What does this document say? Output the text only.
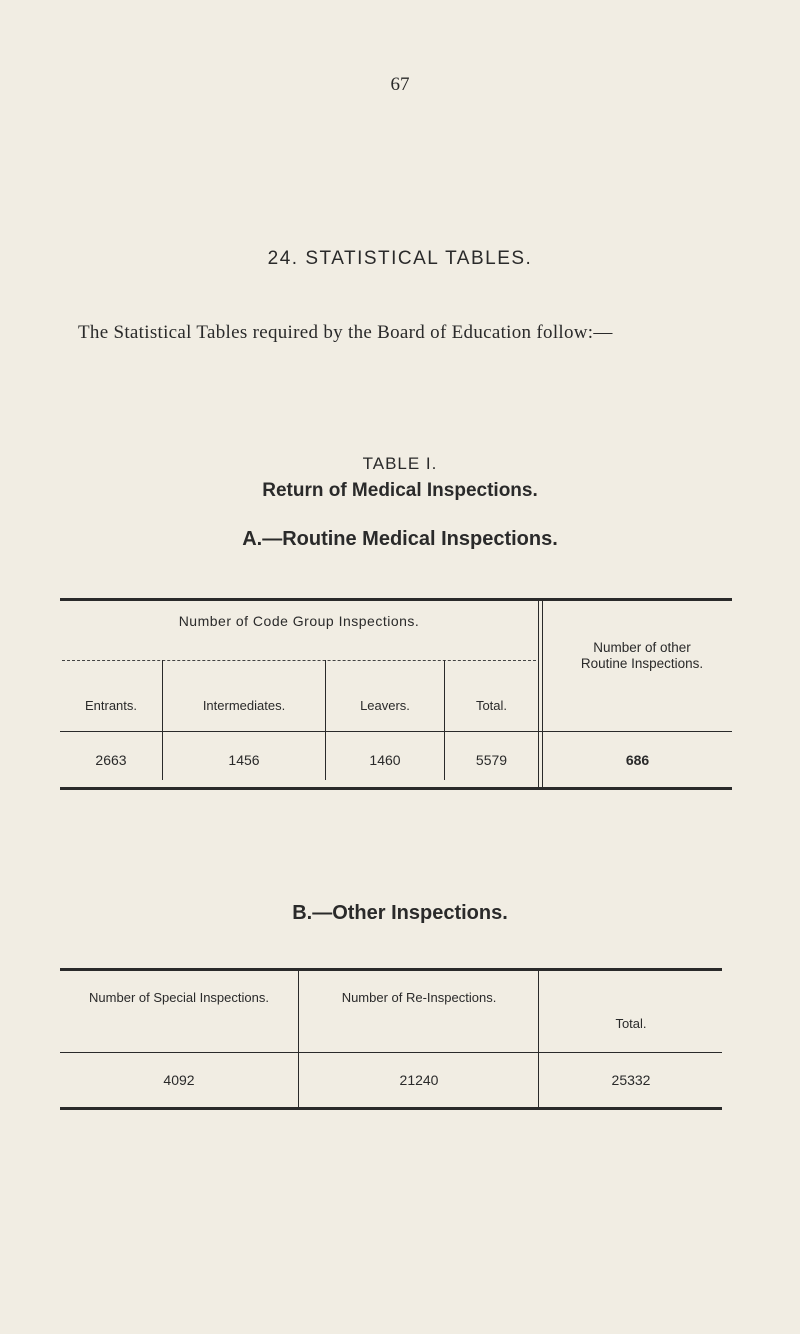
67
24. STATISTICAL TABLES.
The Statistical Tables required by the Board of Education follow:—
TABLE I.
Return of Medical Inspections.
A.—Routine Medical Inspections.
Number of Code Group Inspections.
Number of other Routine Inspections.
Entrants.	Intermediates.	Leavers.	Total.
2663	1456	1460	5579	686
B.—Other Inspections.
Number of Special Inspections.	Number of Re-Inspections.
Total.
4092	21240	25332
